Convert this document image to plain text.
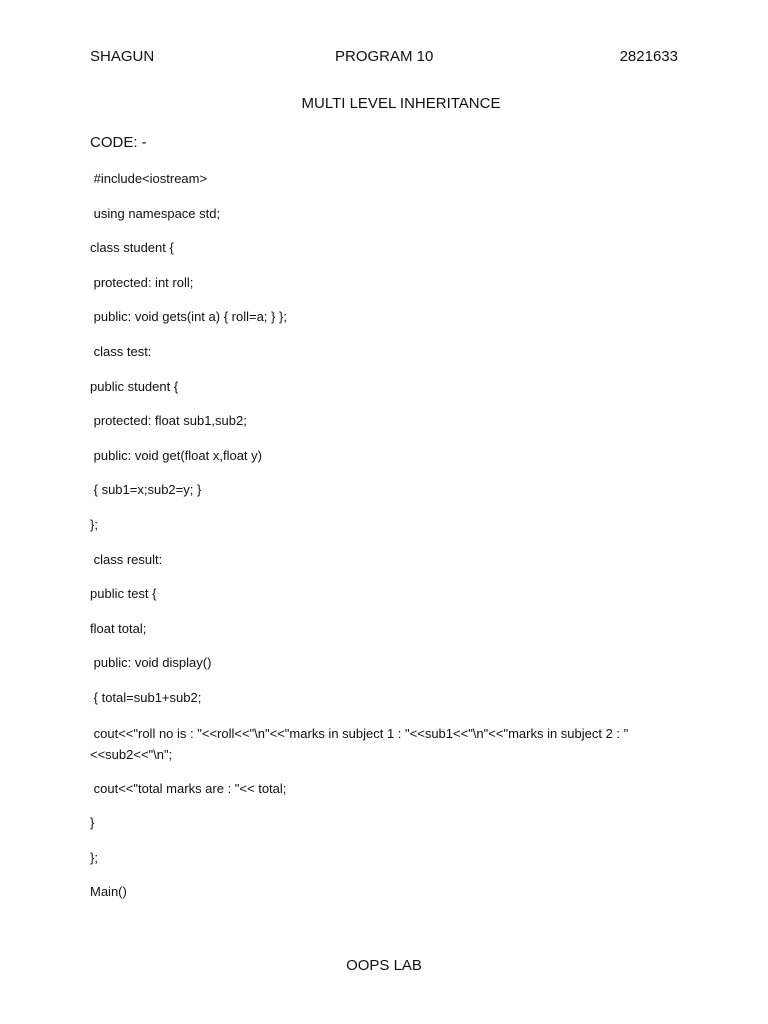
SHAGUN	PROGRAM 10	2821633
MULTI LEVEL INHERITANCE
CODE: -
#include<iostream>
using namespace std;
class student {
protected: int roll;
public: void gets(int a) { roll=a; } };
class test:
public student {
protected: float sub1,sub2;
public: void get(float x,float y)
{ sub1=x;sub2=y; }
};
class result:
public test {
float total;
public: void display()
{ total=sub1+sub2;
cout<<"roll no is : "<<roll<<"\n"<<"marks in subject 1 : "<<sub1<<"\n"<<"marks in subject 2 : "<<sub2<<"\n";
cout<<"total marks are : "<< total;
}
};
Main()
OOPS LAB
